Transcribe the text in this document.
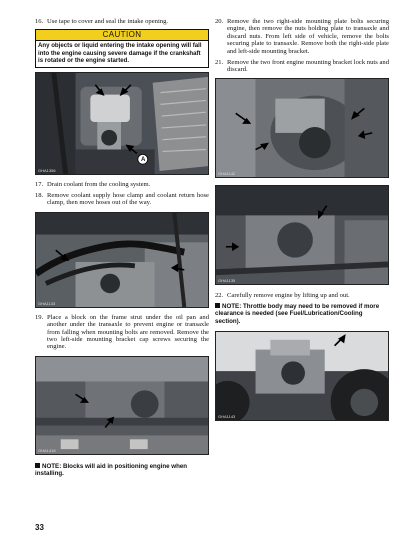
16. Use tape to cover and seal the intake opening.
CAUTION
Any objects or liquid entering the intake opening will fall into the engine causing severe damage if the crankshaft is rotated or the engine started.
A
GHA1356
17. Drain coolant from the cooling system.
18. Remove coolant supply hose clamp and coolant return hose clamp, then move hoses out of the way.
GHA1133
19. Place a block on the frame strut under the oil pan and another under the transaxle to prevent engine or transaxle from falling when mounting bolts are removed. Remove the two left-side mounting bracket cap screws securing the engine.
GHA1418
NOTE: Blocks will aid in positioning engine when installing.
20. Remove the two right-side mounting plate bolts securing engine, then remove the nuts holding plate to transaxle and discard nuts. From left side of vehicle, remove the bolts securing plate to transaxle. Remove both the right-side plate and left-side mounting bracket.
21. Remove the two front engine mounting bracket lock nuts and discard.
GHA1142
GHA1135
22. Carefully remove engine by lifting up and out.
NOTE: Throttle body may need to be removed if more clearance is needed (see Fuel/Lubrication/Cooling section).
GHA1143
33
